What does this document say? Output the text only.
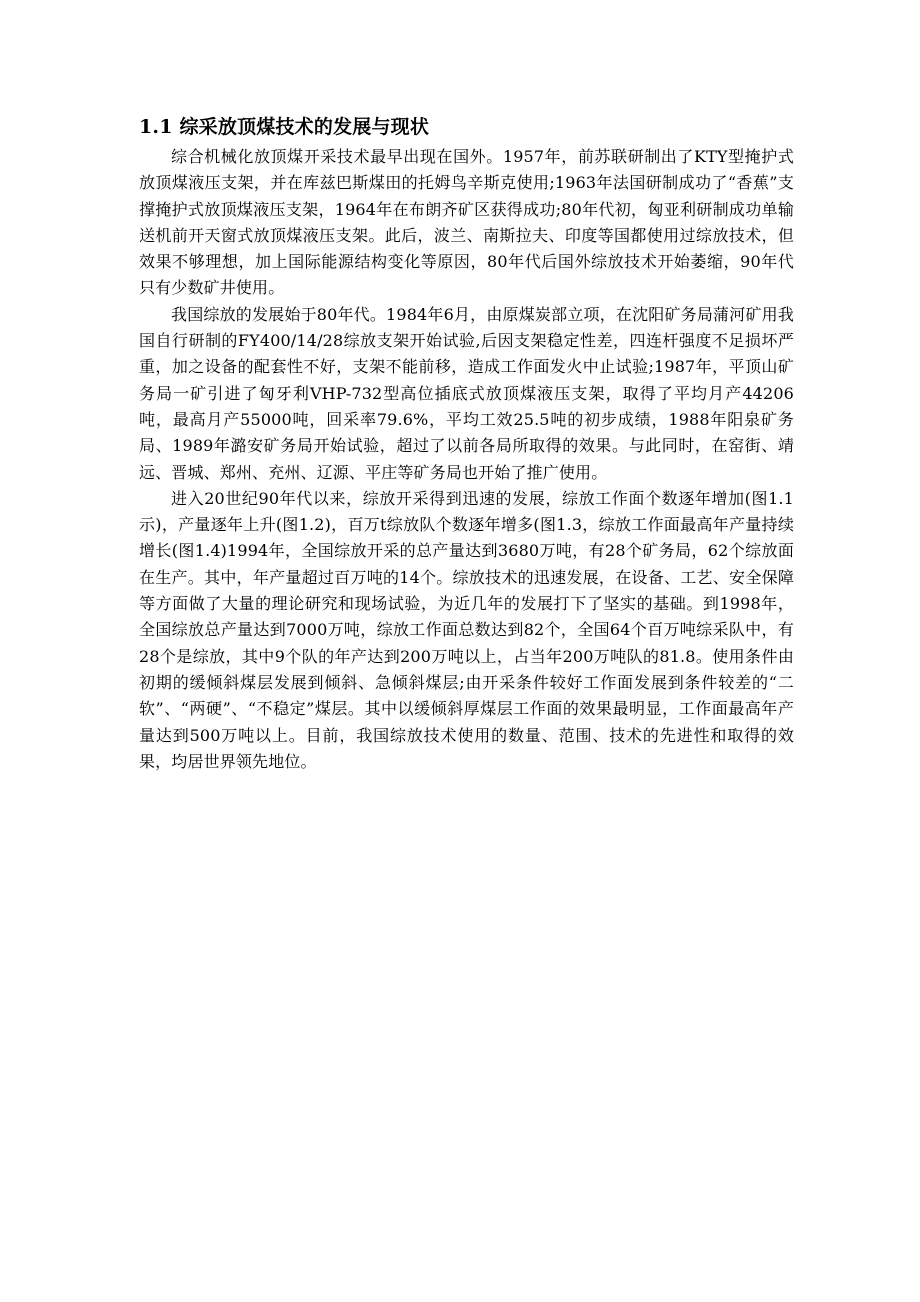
1.1 综采放顶煤技术的发展与现状

综合机械化放顶煤开采技术最早出现在国外。1957年，前苏联研制出了KTY型掩护式放顶煤液压支架，并在库兹巴斯煤田的托姆鸟辛斯克使用;1963年法国研制成功了“香蕉”支撑掩护式放顶煤液压支架，1964年在布朗齐矿区获得成功;80年代初，匈亚利研制成功单输送机前开天窗式放顶煤液压支架。此后，波兰、南斯拉夫、印度等国都使用过综放技术，但效果不够理想，加上国际能源结构变化等原因，80年代后国外综放技术开始萎缩，90年代只有少数矿井使用。

我国综放的发展始于80年代。1984年6月，由原煤炭部立项，在沈阳矿务局蒲河矿用我国自行研制的FY400/14/28综放支架开始试验,后因支架稳定性差，四连杆强度不足损坏严重，加之设备的配套性不好，支架不能前移，造成工作面发火中止试验;1987年，平顶山矿务局一矿引进了匈牙利VHP-732型高位插底式放顶煤液压支架，取得了平均月产44206吨，最高月产55000吨，回采率79.6%，平均工效25.5吨的初步成绩，1988年阳泉矿务局、1989年潞安矿务局开始试验，超过了以前各局所取得的效果。与此同时，在窑街、靖远、晋城、郑州、充州、辽源、平庄等矿务局也开始了推广使用。

进入20世纪90年代以来，综放开采得到迅速的发展，综放工作面个数逐年增加(图1.1示)，产量逐年上升(图1.2)，百万t综放队个数逐年增多(图1.3，综放工作面最高年产量持续增长(图1.4)1994年，全国综放开采的总产量达到3680万吨，有28个矿务局，62个综放面在生产。其中，年产量超过百万吨的14个。综放技术的迅速发展，在设备、工艺、安全保障等方面做了大量的理论研究和现场试验，为近几年的发展打下了坚实的基础。到1998年，全国综放总产量达到7000万吨，综放工作面总数达到82个，全国64个百万吨综采队中，有28个是综放，其中9个队的年产达到200万吨以上，占当年200万吨队的81.8。使用条件由初期的缓倾斜煤层发展到倾斜、急倾斜煤层;由开采条件较好工作面发展到条件较差的“二软”、“两硬”、“不稳定”煤层。其中以缓倾斜厚煤层工作面的效果最明显，工作面最高年产量达到500万吨以上。目前，我国综放技术使用的数量、范围、技术的先进性和取得的效果，均居世界领先地位。
